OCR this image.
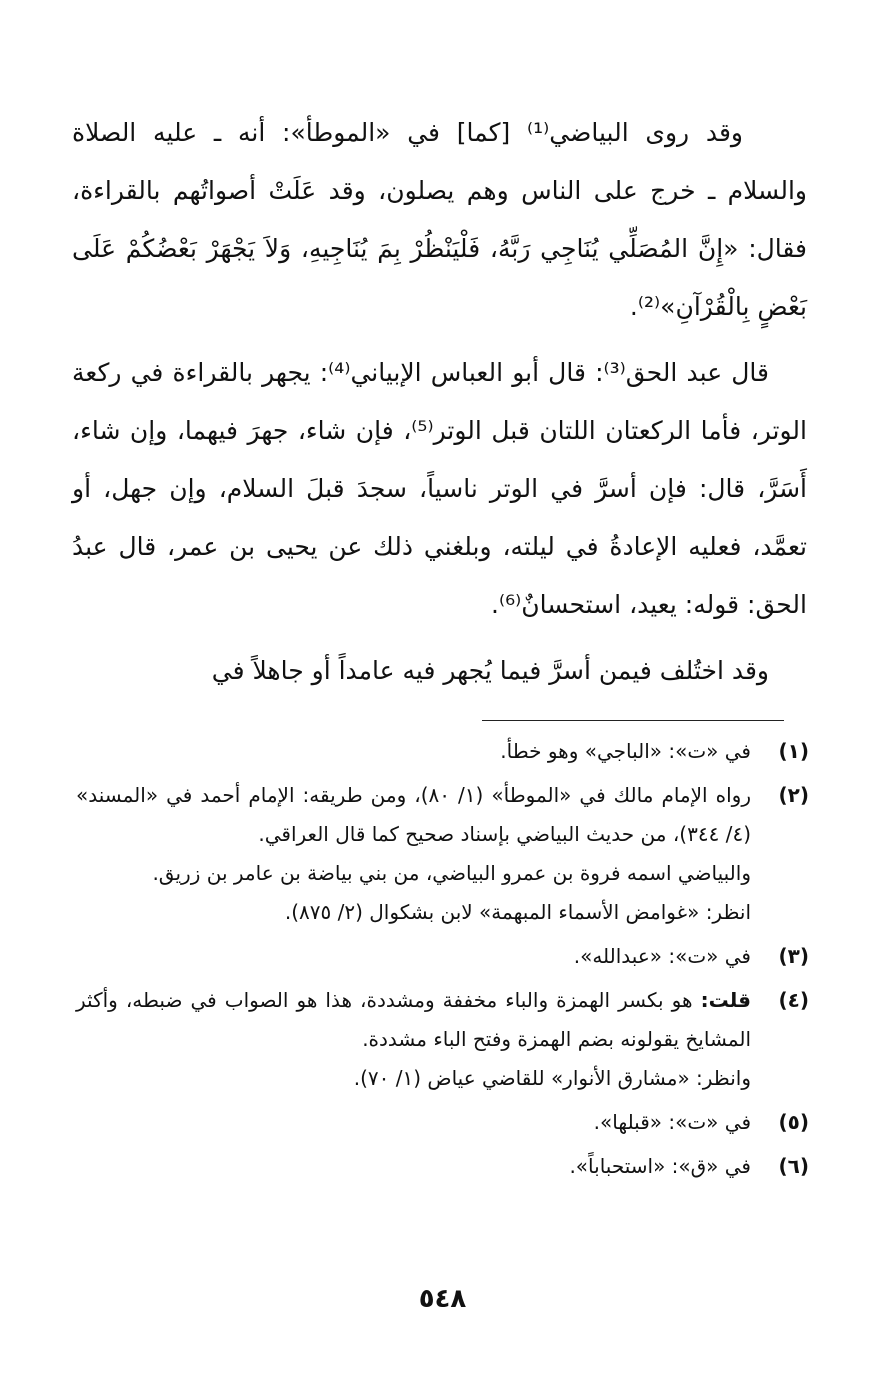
وقد روى البياضي⁽¹⁾ [كما] في «الموطأ»: أنه ـ عليه الصلاة والسلام ـ خرج على الناس وهم يصلون، وقد عَلَتْ أصواتُهم بالقراءة، فقال: «إِنَّ المُصَلِّي يُنَاجِي رَبَّهُ، فَلْيَنْظُرْ بِمَ يُنَاجِيهِ، وَلاَ يَجْهَرْ بَعْضُكُمْ عَلَى بَعْضٍ بِالْقُرْآنِ»⁽²⁾.

قال عبد الحق⁽³⁾: قال أبو العباس الإبياني⁽⁴⁾: يجهر بالقراءة في ركعة الوتر، فأما الركعتان اللتان قبل الوتر⁽⁵⁾، فإن شاء، جهرَ فيهما، وإن شاء، أَسَرَّ، قال: فإن أسرَّ في الوتر ناسياً، سجدَ قبلَ السلام، وإن جهل، أو تعمَّد، فعليه الإعادةُ في ليلته، وبلغني ذلك عن يحيى بن عمر، قال عبدُ الحق: قوله: يعيد، استحسانٌ⁽⁶⁾.

وقد اختُلف فيمن أسرَّ فيما يُجهر فيه عامداً أو جاهلاً في

(١)
في «ت»: «الباجي» وهو خطأ.
(٢)
رواه الإمام مالك في «الموطأ» (١/ ٨٠)، ومن طريقه: الإمام أحمد في «المسند» (٤/ ٣٤٤)، من حديث البياضي بإسناد صحيح كما قال العراقي.
والبياضي اسمه فروة بن عمرو البياضي، من بني بياضة بن عامر بن زريق.
انظر: «غوامض الأسماء المبهمة» لابن بشكوال (٢/ ٨٧٥).
(٣)
في «ت»: «عبدالله».
(٤)
قلت: هو بكسر الهمزة والباء مخففة ومشددة، هذا هو الصواب في ضبطه، وأكثر المشايخ يقولونه بضم الهمزة وفتح الباء مشددة.
وانظر: «مشارق الأنوار» للقاضي عياض (١/ ٧٠).
(٥)
في «ت»: «قبلها».
(٦)
في «ق»: «استحباباً».
٥٤٨
